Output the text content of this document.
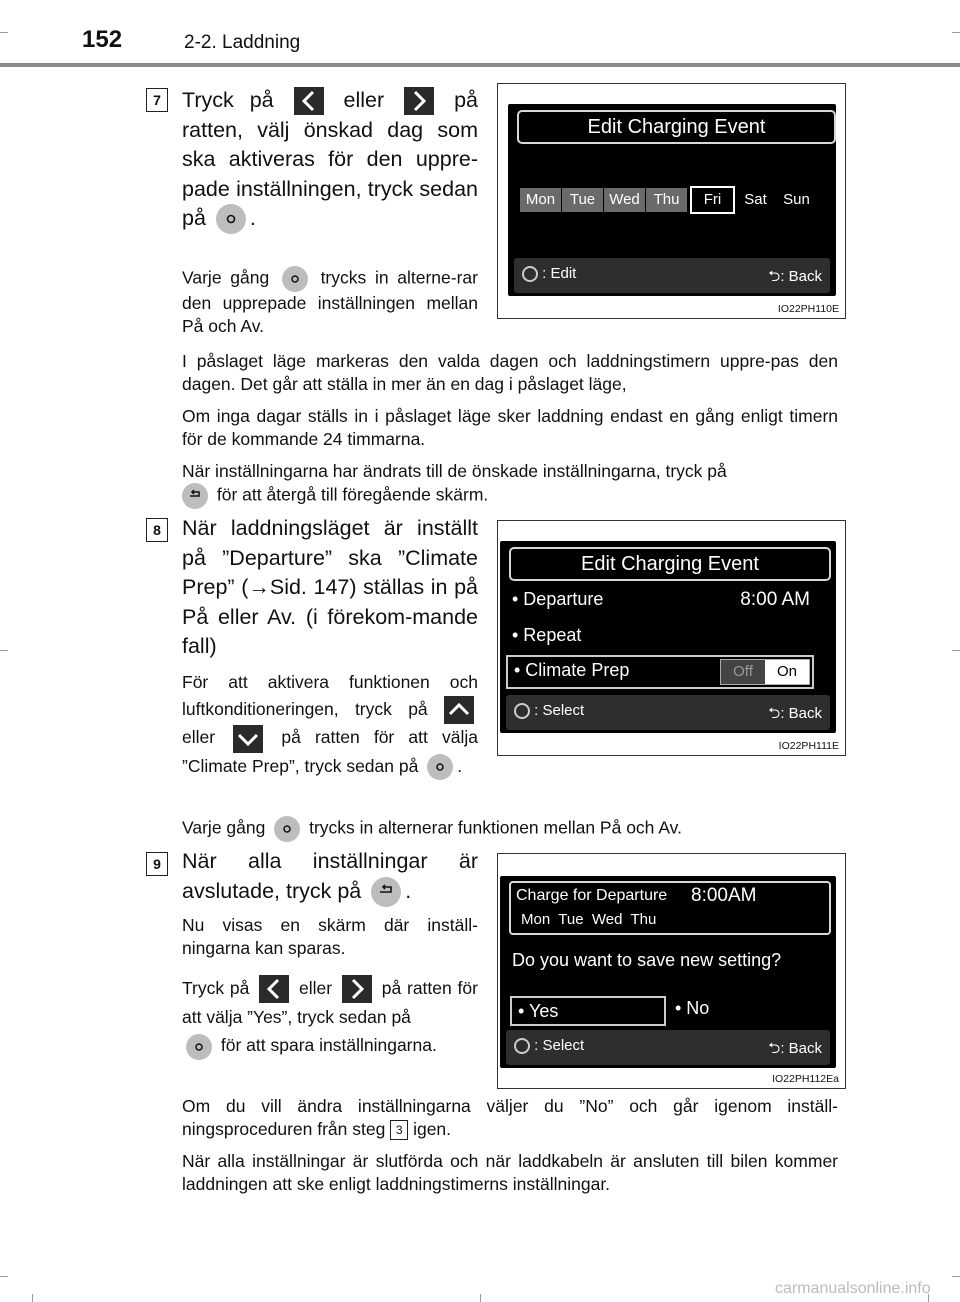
152	2-2. Laddning
7 Tryck på	eller	på ratten, välj önskad dag som ska aktiveras för den uppre-pade inställningen, tryck sedan på .
Varje gång	trycks in alterne-rar den upprepade inställningen mellan På och Av.
Edit Charging Event
Mon Tue Wed Thu Fri Sat Sun
: Edit	⮌: Back
IO22PH110E
I påslaget läge markeras den valda dagen och laddningstimern uppre-pas den dagen. Det går att ställa in mer än en dag i påslaget läge,
Om inga dagar ställs in i påslaget läge sker laddning endast en gång enligt timern för de kommande 24 timmarna.
När inställningarna har ändrats till de önskade inställningarna, tryck på

för att återgå till föregående skärm.
8 När laddningsläget är inställt på ”Departure” ska ”Climate Prep” (→Sid. 147) ställas in på På eller Av. (i förekom-mande fall)
För att aktivera funktionen och luftkonditioneringen, tryck på
eller	på ratten för att välja ”Climate Prep”, tryck sedan på .
Edit Charging Event
• Departure	8:00 AM
• Repeat
• Climate Prep	Off	On
: Select	⮌: Back
IO22PH111E
Varje gång	trycks in alternerar funktionen mellan På och Av.
9 När alla inställningar är avslutade, tryck på .
Nu visas en skärm där inställ-ningarna kan sparas.
Tryck på	eller	på ratten för att välja ”Yes”, tryck sedan på

för att spara inställningarna.
Charge for Departure 8:00AM
Mon  Tue  Wed  Thu
Do you want to save new setting?
• Yes	• No
: Select	⮌: Back
IO22PH112Ea
Om du vill ändra inställningarna väljer du ”No” och går igenom inställ-ningsproceduren från steg 3 igen.
När alla inställningar är slutförda och när laddkabeln är ansluten till bilen kommer laddningen att ske enligt laddningstimerns inställningar.
carmanualsonline.info
